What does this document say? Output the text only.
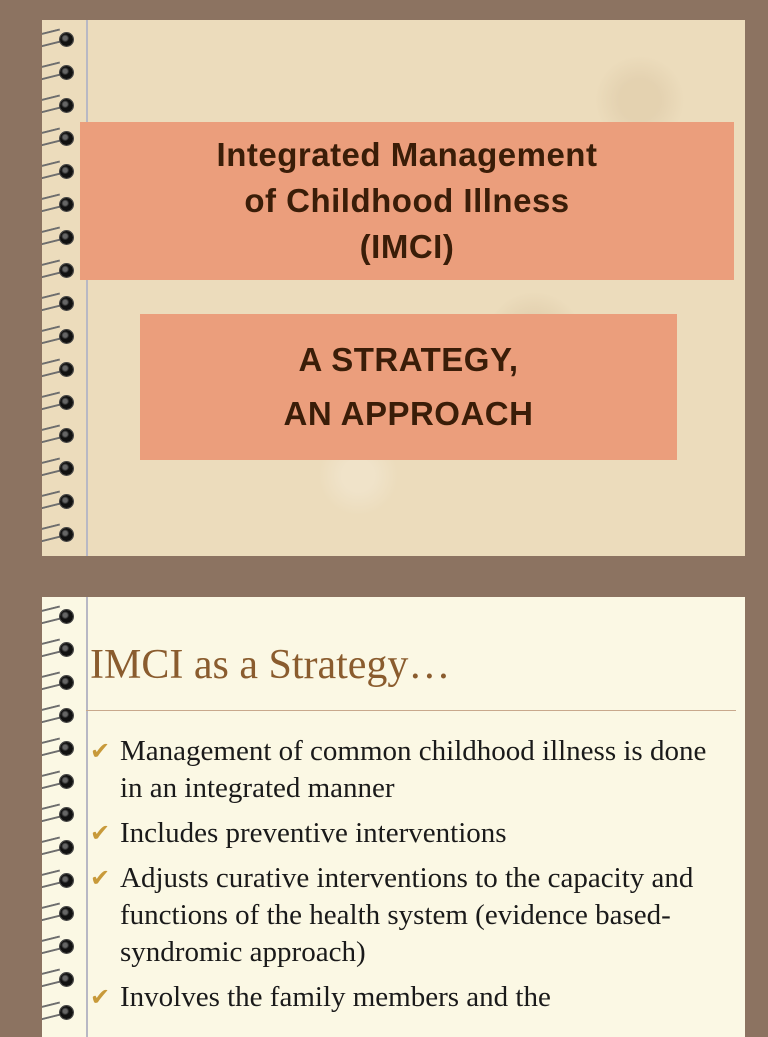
Integrated Management
of Childhood Illness
(IMCI)
A STRATEGY,
AN APPROACH
IMCI as a Strategy…
✔ Management of common childhood illness is done in an integrated manner
✔ Includes preventive interventions
✔ Adjusts curative interventions to the capacity and functions of the health system (evidence based-syndromic approach)
✔ Involves the family members and the
